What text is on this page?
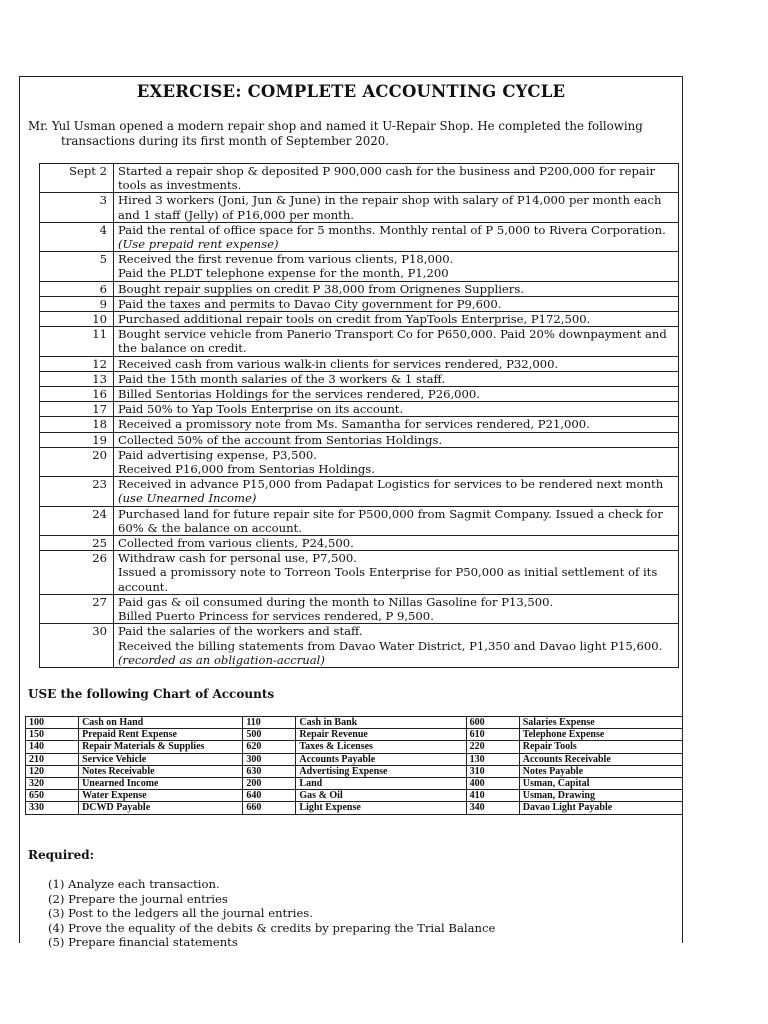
EXERCISE: COMPLETE ACCOUNTING CYCLE
Mr. Yul Usman opened a modern repair shop and named it U-Repair Shop. He completed the following
transactions during its first month of September 2020.
Sept 2	Started a repair shop & deposited P 900,000 cash for the business and P200,000 for repair
tools as investments.

3	Hired 3 workers (Joni, Jun & June) in the repair shop with salary of P14,000 per month each
and 1 staff (Jelly) of P16,000 per month.

4	Paid the rental of office space for 5 months. Monthly rental of P 5,000 to Rivera Corporation.
(Use prepaid rent expense)

5	Received the first revenue from various clients, P18,000.
Paid the PLDT telephone expense for the month, P1,200

6	Bought repair supplies on credit P 38,000 from Orignenes Suppliers.

9	Paid the taxes and permits to Davao City government for P9,600.

10	Purchased additional repair tools on credit from YapTools Enterprise, P172,500.

11	Bought service vehicle from Panerio Transport Co for P650,000. Paid 20% downpayment and
the balance on credit.

12	Received cash from various walk-in clients for services rendered, P32,000.

13	Paid the 15th month salaries of the 3 workers & 1 staff.

16	Billed Sentorias Holdings for the services rendered, P26,000.

17	Paid 50% to Yap Tools Enterprise on its account.

18	Received a promissory note from Ms. Samantha for services rendered, P21,000.

19	Collected 50% of the account from Sentorias Holdings.

20	Paid advertising expense, P3,500.
Received P16,000 from Sentorias Holdings.

23	Received in advance P15,000 from Padapat Logistics for services to be rendered next month
(use Unearned Income)

24	Purchased land for future repair site for P500,000 from Sagmit Company. Issued a check for
60% & the balance on account.

25	Collected from various clients, P24,500.

26	Withdraw cash for personal use, P7,500.
Issued a promissory note to Torreon Tools Enterprise for P50,000 as initial settlement of its
account.

27	Paid gas & oil consumed during the month to Nillas Gasoline for P13,500.
Billed Puerto Princess for services rendered, P 9,500.

30	Paid the salaries of the workers and staff.
Received the billing statements from Davao Water District, P1,350 and Davao light P15,600.
(recorded as an obligation-accrual)
USE the following Chart of Accounts
100	Cash on Hand	110	Cash in Bank	600	Salaries Expense
150	Prepaid Rent Expense	500	Repair Revenue	610	Telephone Expense
140	Repair Materials & Supplies	620	Taxes & Licenses	220	Repair Tools
210	Service Vehicle	300	Accounts Payable	130	Accounts Receivable
120	Notes Receivable	630	Advertising Expense	310	Notes Payable
320	Unearned Income	200	Land	400	Usman, Capital
650	Water Expense	640	Gas & Oil	410	Usman, Drawing
330	DCWD Payable	660	Light Expense	340	Davao Light Payable
Required:
(1) Analyze each transaction.
(2) Prepare the journal entries
(3) Post to the ledgers all the journal entries.
(4) Prove the equality of the debits & credits by preparing the Trial Balance
(5) Prepare financial statements
